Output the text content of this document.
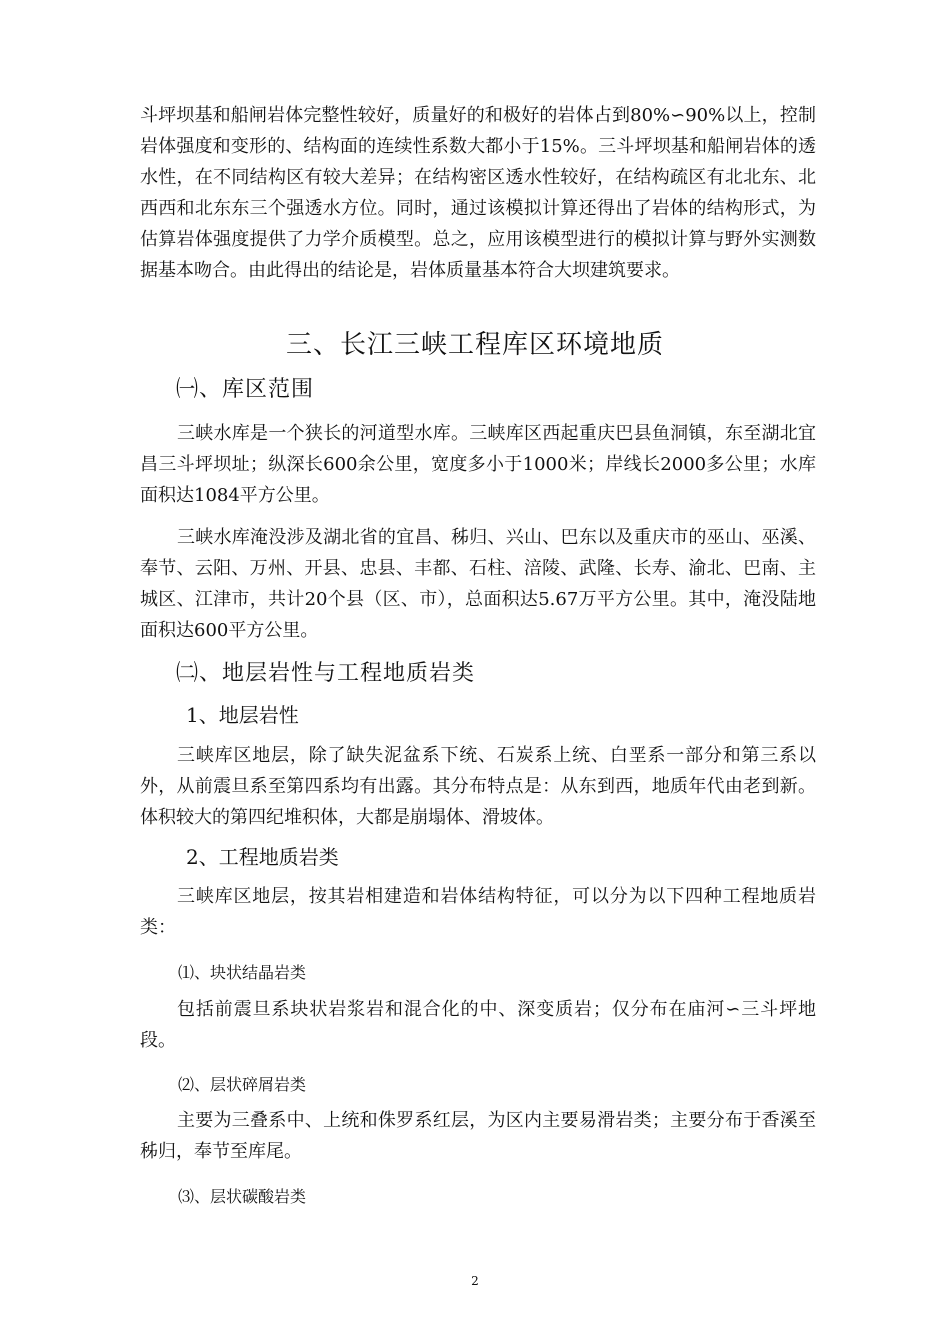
斗坪坝基和船闸岩体完整性较好，质量好的和极好的岩体占到80%∽90%以上，控制岩体强度和变形的、结构面的连续性系数大都小于15%。三斗坪坝基和船闸岩体的透水性，在不同结构区有较大差异；在结构密区透水性较好，在结构疏区有北北东、北西西和北东东三个强透水方位。同时，通过该模拟计算还得出了岩体的结构形式，为估算岩体强度提供了力学介质模型。总之，应用该模型进行的模拟计算与野外实测数据基本吻合。由此得出的结论是，岩体质量基本符合大坝建筑要求。

三、长江三峡工程库区环境地质
㈠、库区范围

三峡水库是一个狭长的河道型水库。三峡库区西起重庆巴县鱼洞镇，东至湖北宜昌三斗坪坝址；纵深长600余公里，宽度多小于1000米；岸线长2000多公里；水库面积达1084平方公里。

三峡水库淹没涉及湖北省的宜昌、秭归、兴山、巴东以及重庆市的巫山、巫溪、奉节、云阳、万州、开县、忠县、丰都、石柱、涪陵、武隆、长寿、渝北、巴南、主城区、江津市，共计20个县（区、市），总面积达5.67万平方公里。其中，淹没陆地面积达600平方公里。

㈡、地层岩性与工程地质岩类
1、地层岩性

三峡库区地层，除了缺失泥盆系下统、石炭系上统、白垩系一部分和第三系以外，从前震旦系至第四系均有出露。其分布特点是：从东到西，地质年代由老到新。体积较大的第四纪堆积体，大都是崩塌体、滑坡体。

2、工程地质岩类

三峡库区地层，按其岩相建造和岩体结构特征，可以分为以下四种工程地质岩类：

⑴、块状结晶岩类

包括前震旦系块状岩浆岩和混合化的中、深变质岩；仅分布在庙河∽三斗坪地段。

⑵、层状碎屑岩类

主要为三叠系中、上统和侏罗系红层，为区内主要易滑岩类；主要分布于香溪至秭归，奉节至库尾。

⑶、层状碳酸岩类
2
